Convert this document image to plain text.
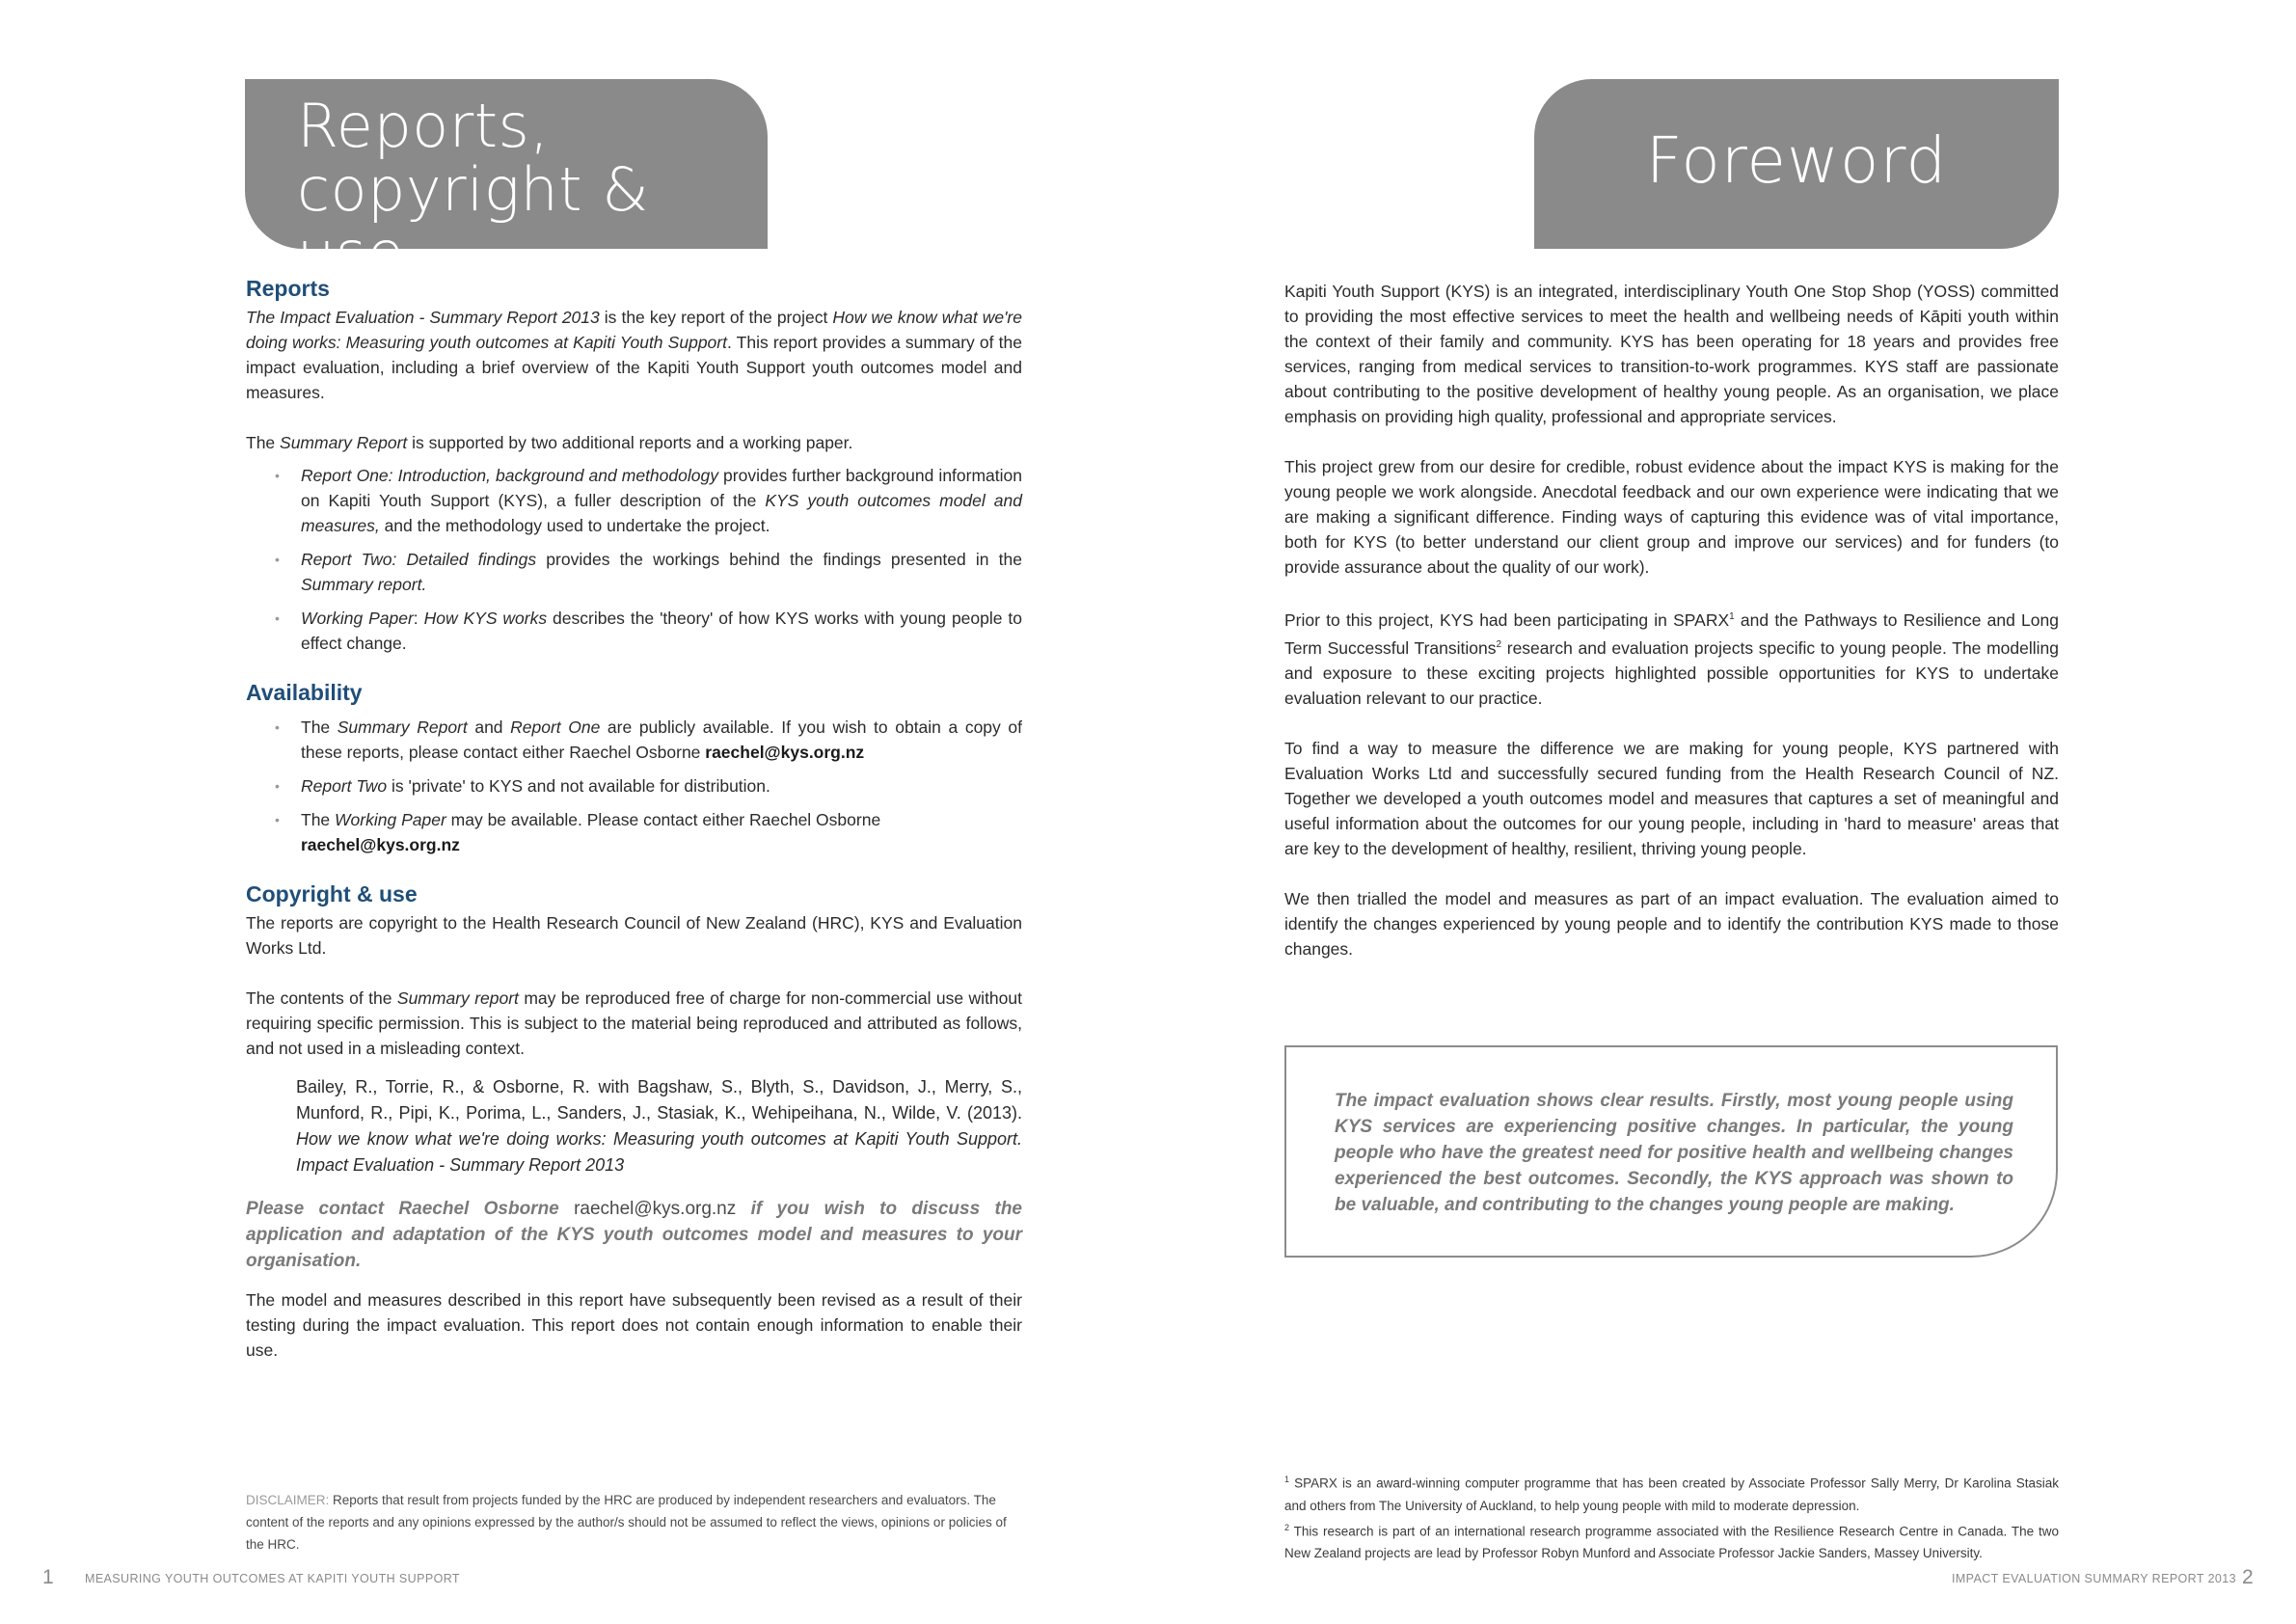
Reports,
copyright & use
Reports

The Impact Evaluation - Summary Report 2013 is the key report of the project How we know what we're doing works: Measuring youth outcomes at Kapiti Youth Support. This report provides a summary of the impact evaluation, including a brief overview of the Kapiti Youth Support youth outcomes model and measures.

The Summary Report is supported by two additional reports and a working paper.

• Report One: Introduction, background and methodology provides further background information on Kapiti Youth Support (KYS), a fuller description of the KYS youth outcomes model and measures, and the methodology used to undertake the project.
• Report Two: Detailed findings provides the workings behind the findings presented in the Summary report.
• Working Paper: How KYS works describes the 'theory' of how KYS works with young people to effect change.
Availability
• The Summary Report and Report One are publicly available. If you wish to obtain a copy of these reports, please contact either Raechel Osborne raechel@kys.org.nz
• Report Two is 'private' to KYS and not available for distribution.
• The Working Paper may be available. Please contact either Raechel Osborne
raechel@kys.org.nz
Copyright & use

The reports are copyright to the Health Research Council of New Zealand (HRC), KYS and Evaluation Works Ltd.

The contents of the Summary report may be reproduced free of charge for non-commercial use without requiring specific permission. This is subject to the material being reproduced and attributed as follows, and not used in a misleading context.

Bailey, R., Torrie, R., & Osborne, R. with Bagshaw, S., Blyth, S., Davidson, J., Merry, S., Munford, R., Pipi, K., Porima, L., Sanders, J., Stasiak, K., Wehipeihana, N., Wilde, V. (2013). How we know what we're doing works: Measuring youth outcomes at Kapiti Youth Support. Impact Evaluation - Summary Report 2013

Please contact Raechel Osborne raechel@kys.org.nz if you wish to discuss the application and adaptation of the KYS youth outcomes model and measures to your organisation.

The model and measures described in this report have subsequently been revised as a result of their testing during the impact evaluation. This report does not contain enough information to enable their use.

DISCLAIMER: Reports that result from projects funded by the HRC are produced by independent researchers and evaluators. The content of the reports and any opinions expressed by the author/s should not be assumed to reflect the views, opinions or policies of the HRC.
1	MEASURING YOUTH OUTCOMES AT KAPITI YOUTH SUPPORT
Foreword

Kapiti Youth Support (KYS) is an integrated, interdisciplinary Youth One Stop Shop (YOSS) committed to providing the most effective services to meet the health and wellbeing needs of Kāpiti youth within the context of their family and community. KYS has been operating for 18 years and provides free services, ranging from medical services to transition-to-work programmes. KYS staff are passionate about contributing to the positive development of healthy young people. As an organisation, we place emphasis on providing high quality, professional and appropriate services.

This project grew from our desire for credible, robust evidence about the impact KYS is making for the young people we work alongside. Anecdotal feedback and our own experience were indicating that we are making a significant difference. Finding ways of capturing this evidence was of vital importance, both for KYS (to better understand our client group and improve our services) and for funders (to provide assurance about the quality of our work).

Prior to this project, KYS had been participating in SPARX$^1$ and the Pathways to Resilience and Long Term Successful Transitions$^2$ research and evaluation projects specific to young people. The modelling and exposure to these exciting projects highlighted possible opportunities for KYS to undertake evaluation relevant to our practice.

To find a way to measure the difference we are making for young people, KYS partnered with Evaluation Works Ltd and successfully secured funding from the Health Research Council of NZ. Together we developed a youth outcomes model and measures that captures a set of meaningful and useful information about the outcomes for our young people, including in 'hard to measure' areas that are key to the development of healthy, resilient, thriving young people.

We then trialled the model and measures as part of an impact evaluation. The evaluation aimed to identify the changes experienced by young people and to identify the contribution KYS made to those changes.

The impact evaluation shows clear results. Firstly, most young people using KYS services are experiencing positive changes. In particular, the young people who have the greatest need for positive health and wellbeing changes experienced the best outcomes. Secondly, the KYS approach was shown to be valuable, and contributing to the changes young people are making.
$^1$ SPARX is an award-winning computer programme that has been created by Associate Professor Sally Merry, Dr Karolina Stasiak and others from The University of Auckland, to help young people with mild to moderate depression.
$^2$ This research is part of an international research programme associated with the Resilience Research Centre in Canada. The two New Zealand projects are lead by Professor Robyn Munford and Associate Professor Jackie Sanders, Massey University.
IMPACT EVALUATION SUMMARY REPORT 2013 2
